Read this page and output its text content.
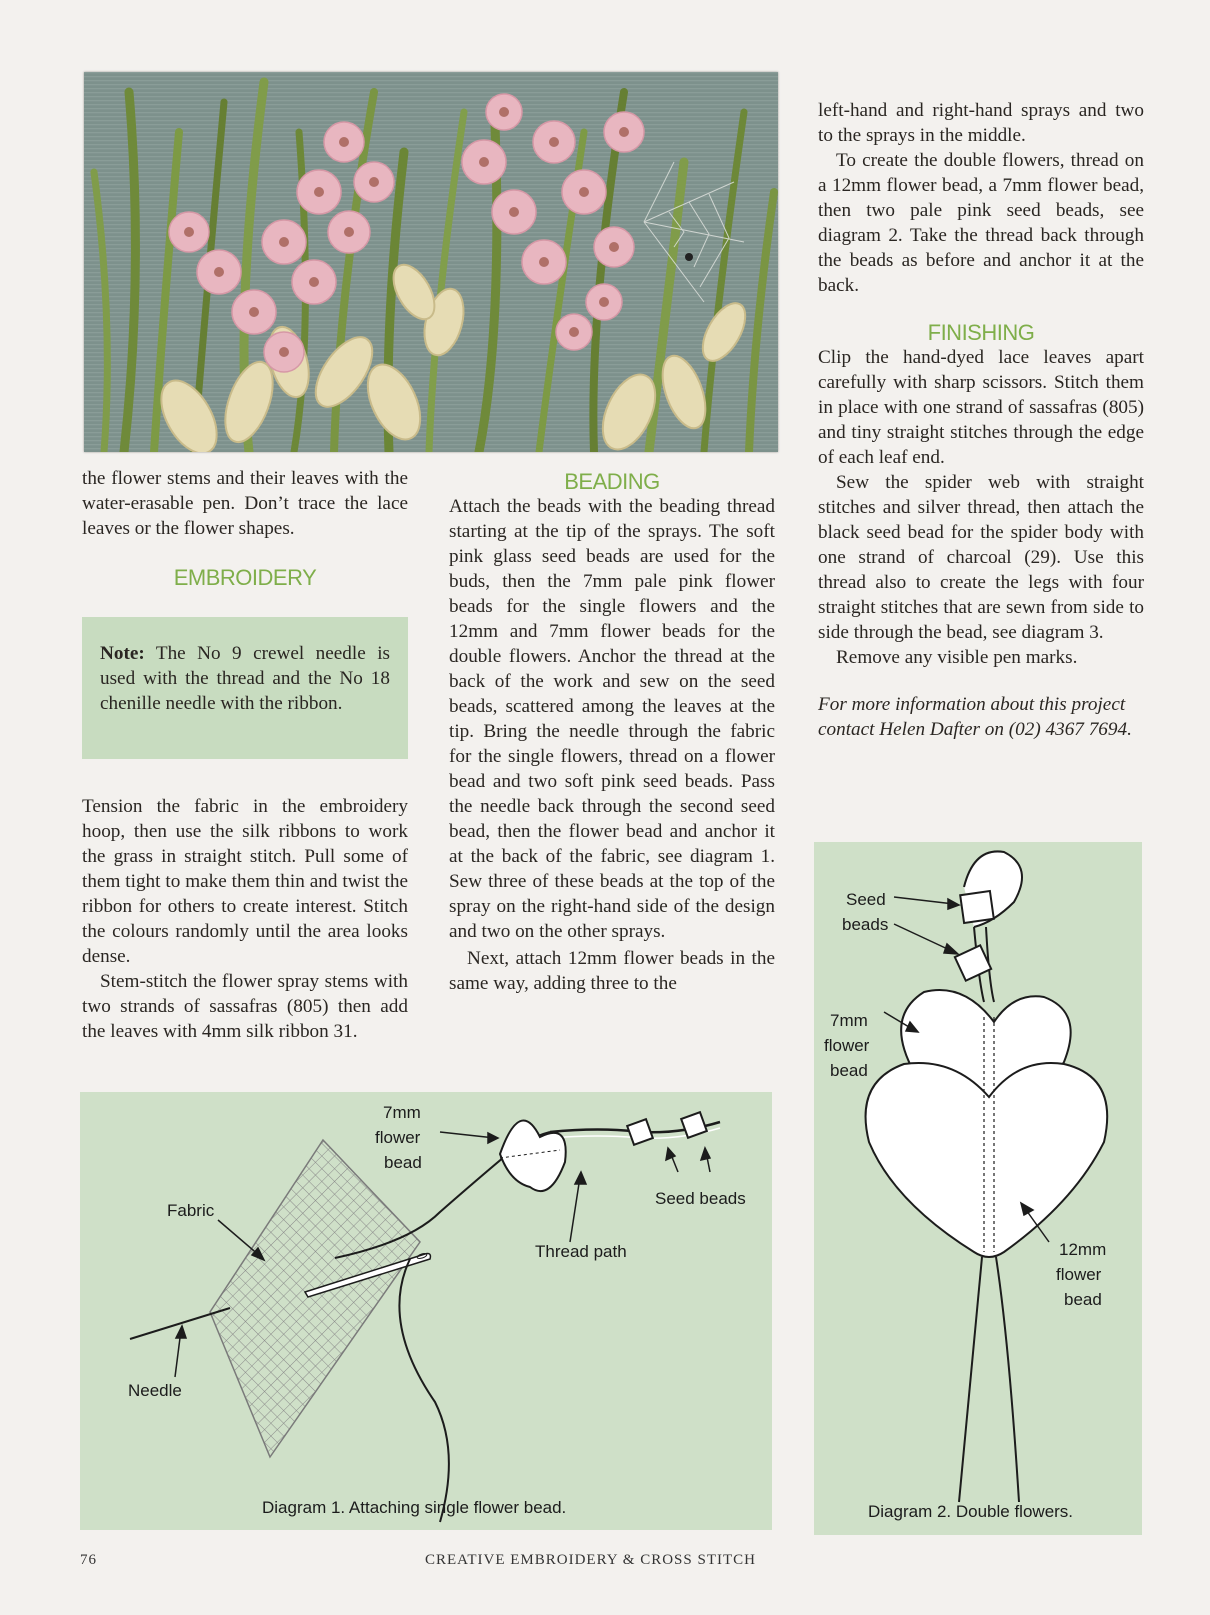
the flower stems and their leaves with the water-erasable pen. Don’t trace the lace leaves or the flower shapes.

EMBROIDERY

Note: The No 9 crewel needle is used with the thread and the No 18 chenille needle with the ribbon.

Tension the fabric in the embroidery hoop, then use the silk ribbons to work the grass in straight stitch. Pull some of them tight to make them thin and twist the ribbon for others to create interest. Stitch the colours randomly until the area looks dense.

Stem-stitch the flower spray stems with two strands of sassafras (805) then add the leaves with 4mm silk ribbon 31.

BEADING

Attach the beads with the beading thread starting at the tip of the sprays. The soft pink glass seed beads are used for the buds, then the 7mm pale pink flower beads for the single flowers and the 12mm and 7mm flower beads for the double flowers. Anchor the thread at the back of the work and sew on the seed beads, scattered among the leaves at the tip. Bring the needle through the fabric for the single flowers, thread on a flower bead and two soft pink seed beads. Pass the needle back through the second seed bead, then the flower bead and anchor it at the back of the fabric, see diagram 1. Sew three of these beads at the top of the spray on the right-hand side of the design and two on the other sprays.

Next, attach 12mm flower beads in the same way, adding three to the

left-hand and right-hand sprays and two to the sprays in the middle.

To create the double flowers, thread on a 12mm flower bead, a 7mm flower bead, then two pale pink seed beads, see diagram 2. Take the thread back through the beads as before and anchor it at the back.

FINISHING

Clip the hand-dyed lace leaves apart carefully with sharp scissors. Stitch them in place with one strand of sassafras (805) and tiny straight stitches through the edge of each leaf end.

Sew the spider web with straight stitches and silver thread, then attach the black seed bead for the spider body with one strand of charcoal (29). Use this thread also to create the legs with four straight stitches that are sewn from side to side through the bead, see diagram 3.

Remove any visible pen marks.

For more information about this project contact Helen Dafter on (02) 4367 7694.

7mm
flower
bead
Fabric
Seed beads
Thread path
Needle
Diagram 1. Attaching single flower bead.
Seed
beads
7mm
flower
bead
12mm
flower
bead
Diagram 2. Double flowers.
76	CREATIVE EMBROIDERY & CROSS STITCH
